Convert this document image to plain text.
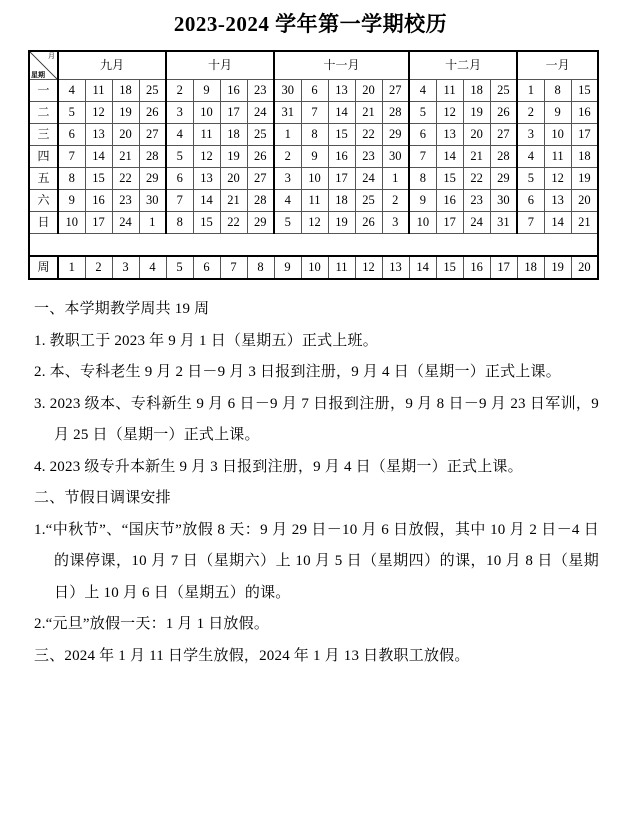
2023-2024 学年第一学期校历
月
星期	九月				十月				十一月					十二月				一月		
一	4	11	18	25	2	9	16	23	30	6	13	20	27	4	11	18	25	1	8	15
二	5	12	19	26	3	10	17	24	31	7	14	21	28	5	12	19	26	2	9	16
三	6	13	20	27	4	11	18	25	1	8	15	22	29	6	13	20	27	3	10	17
四	7	14	21	28	5	12	19	26	2	9	16	23	30	7	14	21	28	4	11	18
五	8	15	22	29	6	13	20	27	3	10	17	24	1	8	15	22	29	5	12	19
六	9	16	23	30	7	14	21	28	4	11	18	25	2	9	16	23	30	6	13	20
日	10	17	24	1	8	15	22	29	5	12	19	26	3	10	17	24	31	7	14	21

周	1	2	3	4	5	6	7	8	9	10	11	12	13	14	15	16	17	18	19	20

一、本学期教学周共 19 周

1. 教职工于 2023 年 9 月 1 日（星期五）正式上班。

2. 本、专科老生 9 月 2 日－9 月 3 日报到注册，9 月 4 日（星期一）正式上课。

3. 2023 级本、专科新生 9 月 6 日－9 月 7 日报到注册，9 月 8 日－9 月 23 日军训，9 月 25 日（星期一）正式上课。

4. 2023 级专升本新生 9 月 3 日报到注册，9 月 4 日（星期一）正式上课。

二、节假日调课安排

1.“中秋节”、“国庆节”放假 8 天：9 月 29 日－10 月 6 日放假，其中 10 月 2 日－4 日的课停课，10 月 7 日（星期六）上 10 月 5 日（星期四）的课，10 月 8 日（星期日）上 10 月 6 日（星期五）的课。

2.“元旦”放假一天：1 月 1 日放假。

三、2024 年 1 月 11 日学生放假，2024 年 1 月 13 日教职工放假。
